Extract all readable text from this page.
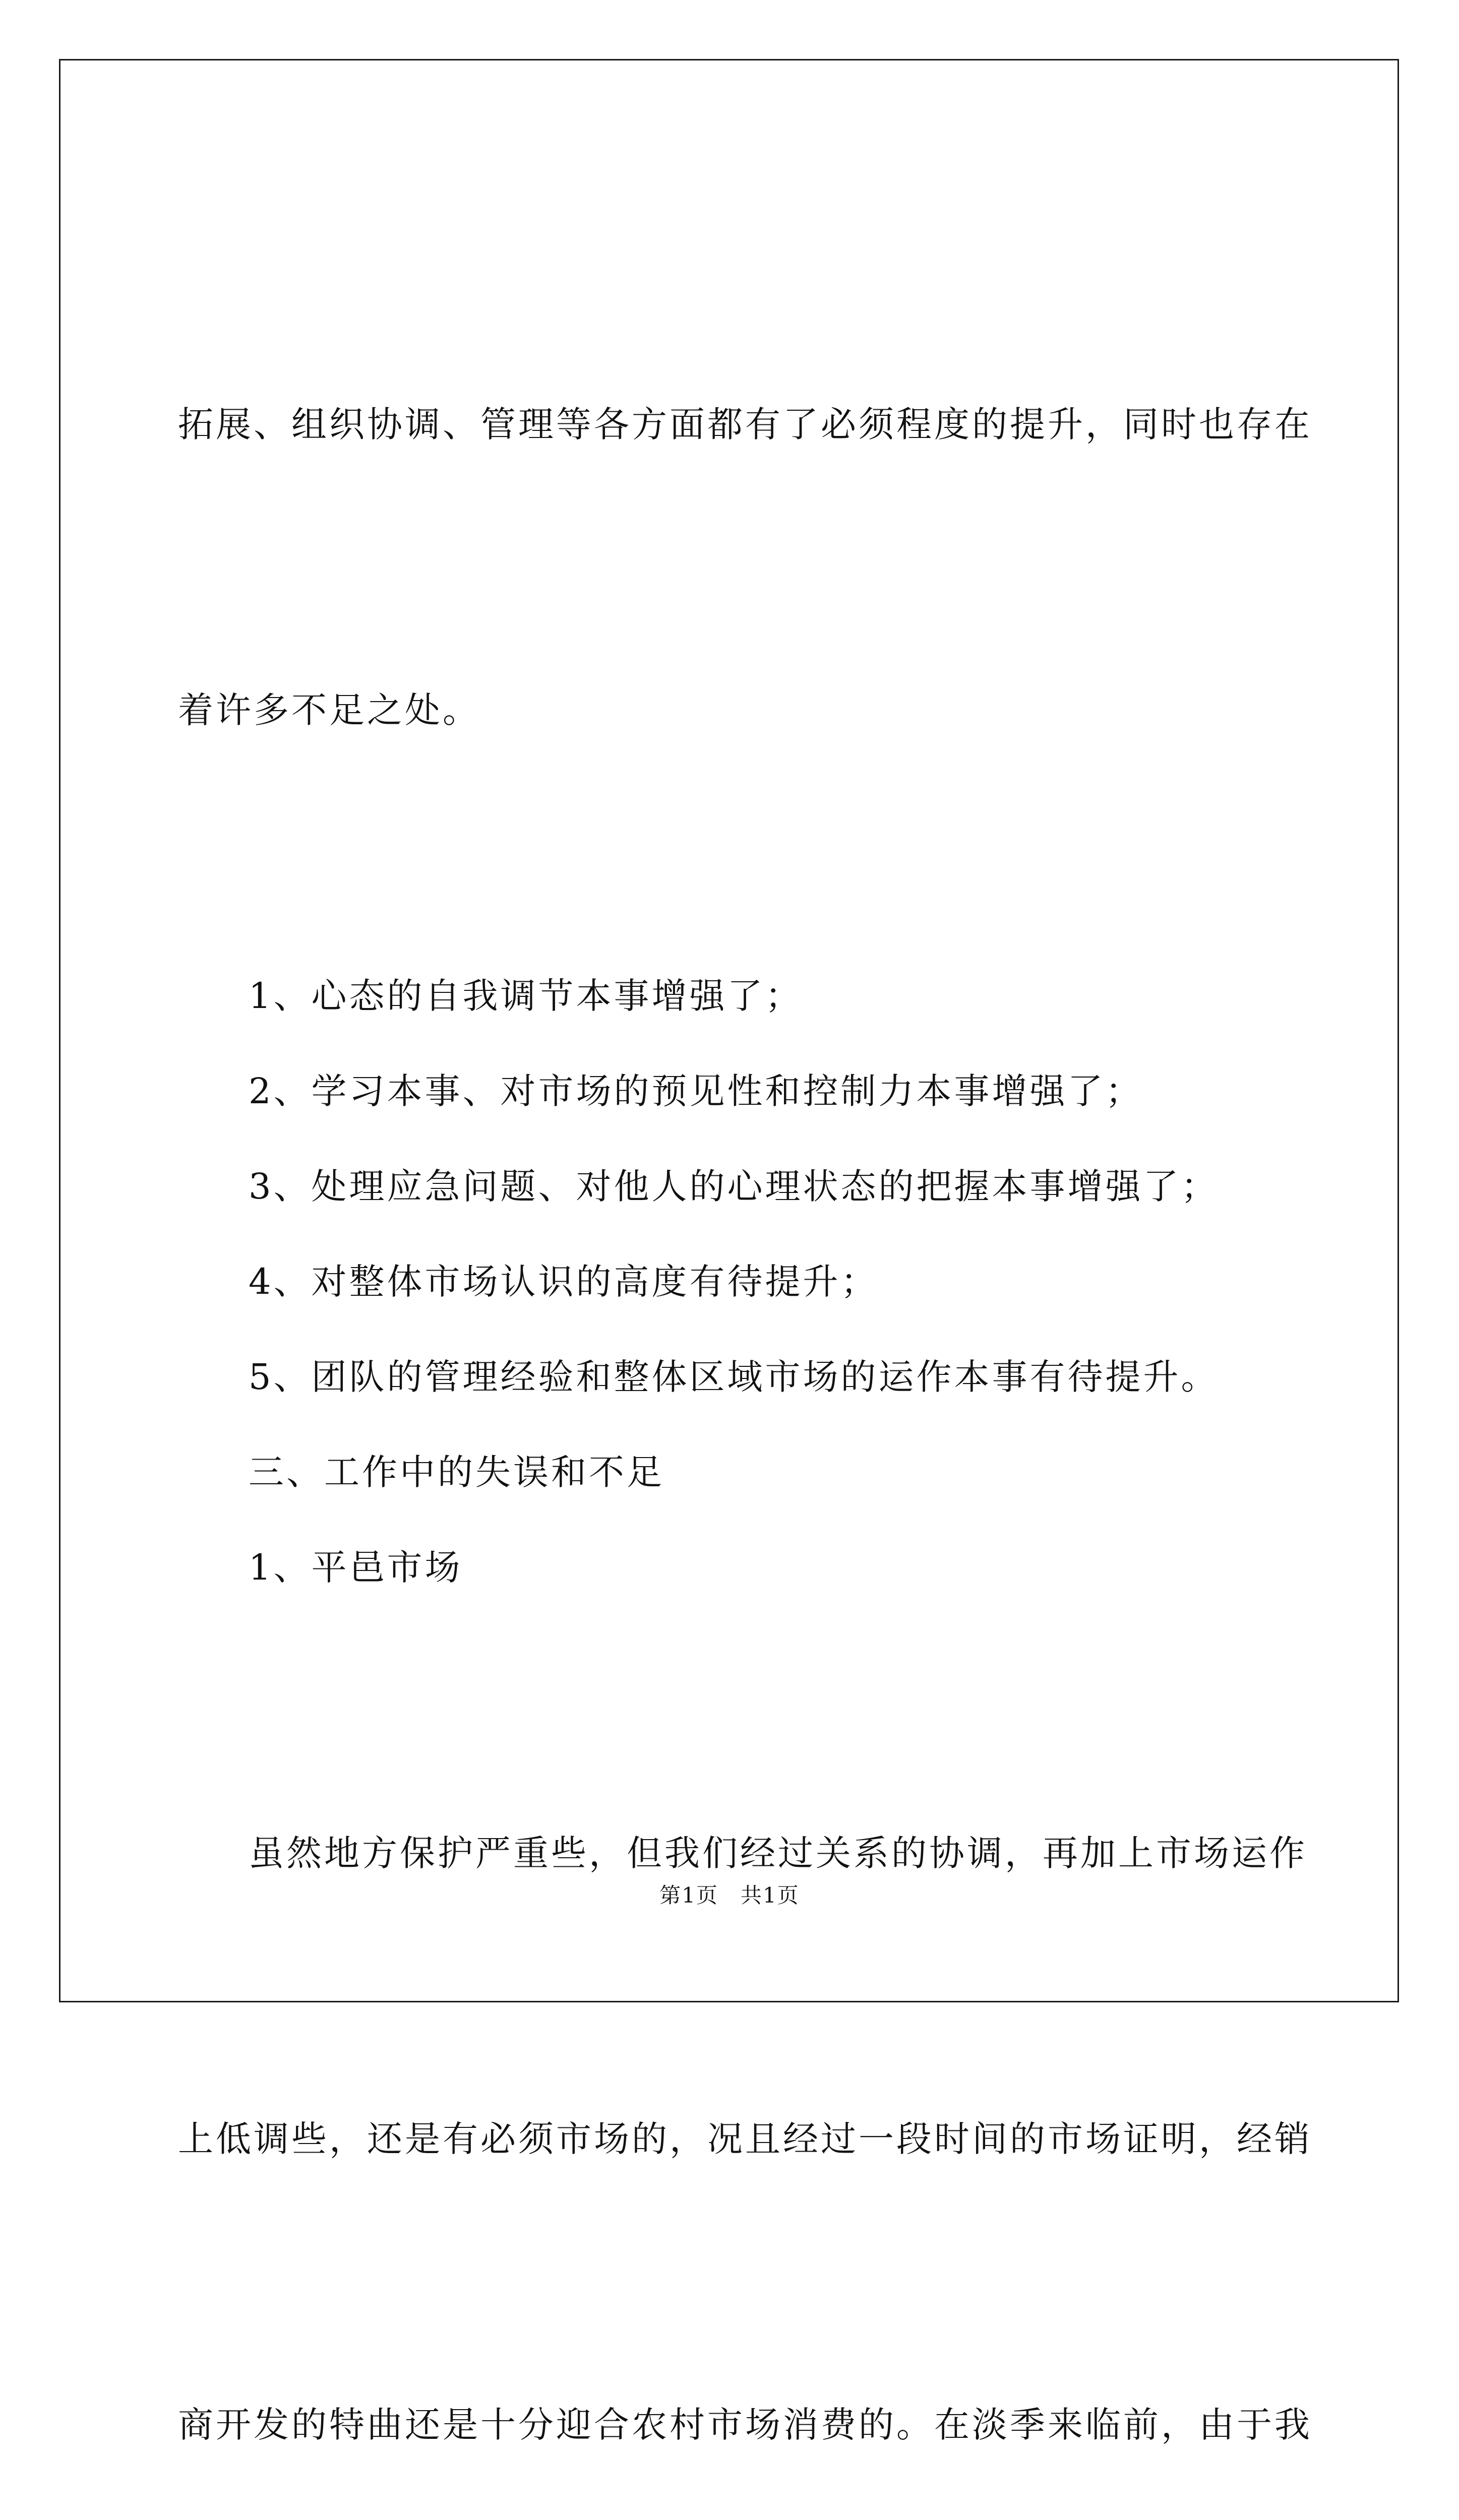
拓展、组织协调、管理等各方面都有了必须程度的提升，同时也存在

着许多不足之处。

1、心态的自我调节本事增强了；

2、学习本事、对市场的预见性和控制力本事增强了；

3、处理应急问题、对他人的心理状态的把握本事增强了；

4、对整体市场认识的高度有待提升；

5、团队的管理经验和整体区域市场的运作本事有待提升。

三、工作中的失误和不足

1、平邑市场

虽然地方保护严重些，但我们经过关系的协调，再加上市场运作

上低调些，还是有必须市场的，况且经过一段时间的市场证明，经销

商开发的特曲还是十分迎合农村市场消费的。在淡季来临前，由于我

第1页　共1页
